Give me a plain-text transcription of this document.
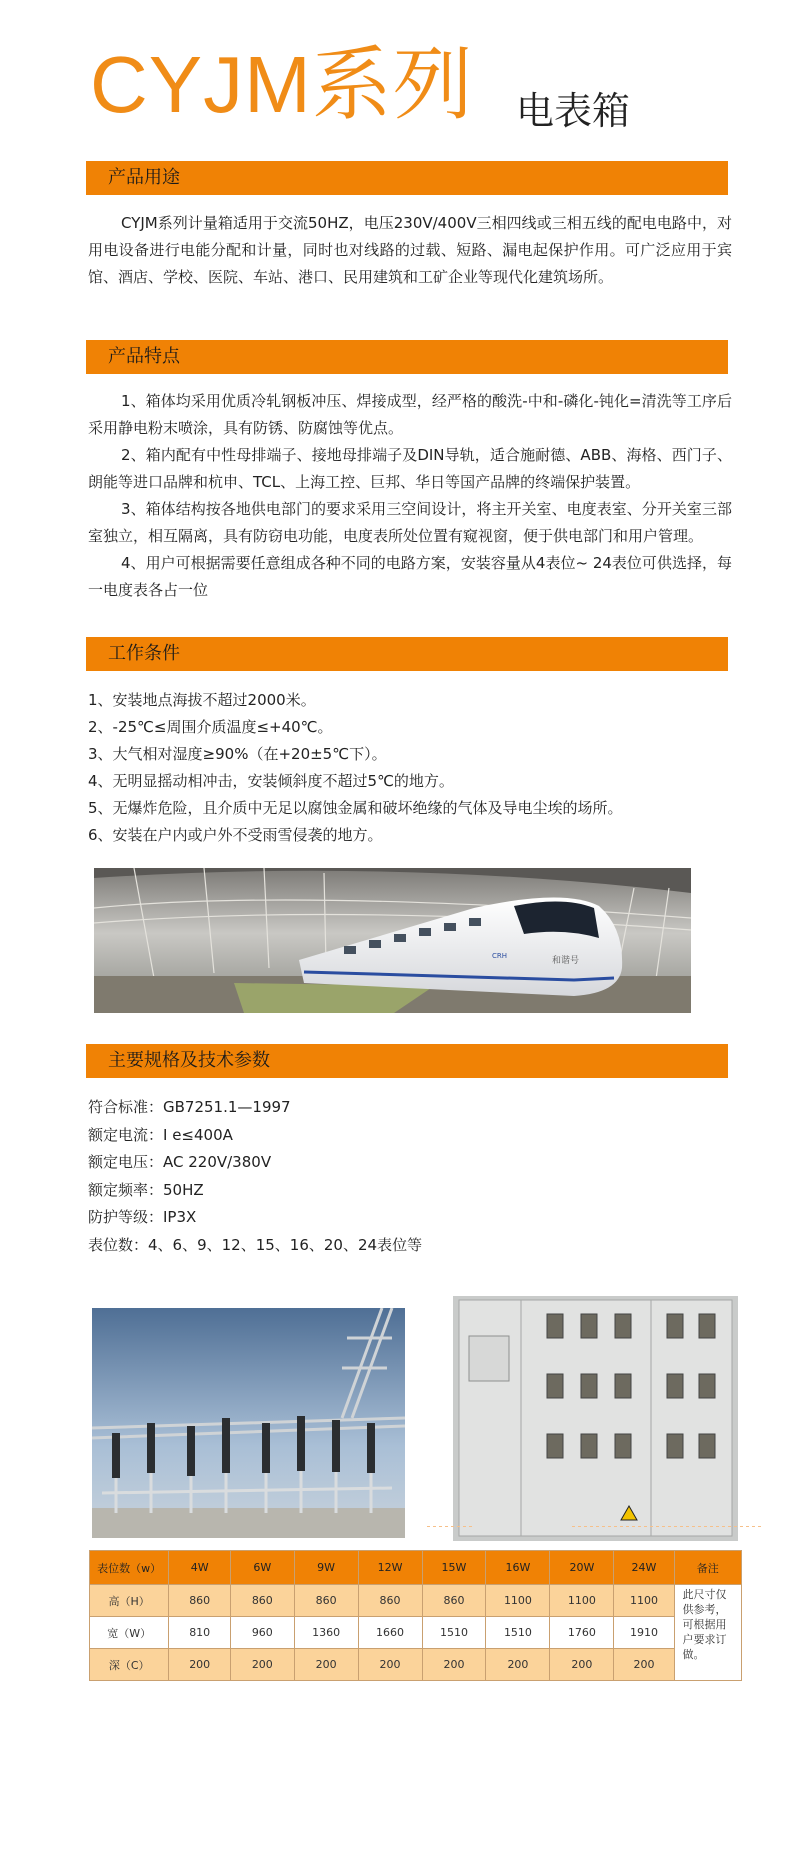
CYJM系列 电表箱
产品用途

CYJM系列计量箱适用于交流50HZ，电压230V/400V三相四线或三相五线的配电电路中，对用电设备进行电能分配和计量，同时也对线路的过载、短路、漏电起保护作用。可广泛应用于宾馆、酒店、学校、医院、车站、港口、民用建筑和工矿企业等现代化建筑场所。

产品特点

1、箱体均采用优质冷轧钢板冲压、焊接成型，经严格的酸洗-中和-磷化-钝化=清洗等工序后采用静电粉末喷涂，具有防锈、防腐蚀等优点。

2、箱内配有中性母排端子、接地母排端子及DIN导轨，适合施耐德、ABB、海格、西门子、朗能等进口品牌和杭申、TCL、上海工控、巨邦、华日等国产品牌的终端保护装置。

3、箱体结构按各地供电部门的要求采用三空间设计，将主开关室、电度表室、分开关室三部室独立，相互隔离，具有防窃电功能，电度表所处位置有窥视窗，便于供电部门和用户管理。

4、用户可根据需要任意组成各种不同的电路方案，安装容量从4表位~ 24表位可供选择，每一电度表各占一位

工作条件
1、安装地点海拔不超过2000米。
2、-25℃≤周围介质温度≤+40℃。
3、大气相对湿度≥90%（在+20±5℃下）。
4、无明显摇动相冲击，安装倾斜度不超过5℃的地方。
5、无爆炸危险，且介质中无足以腐蚀金属和破坏绝缘的气体及导电尘埃的场所。
6、安装在户内或户外不受雨雪侵袭的地方。
和谐号
CRH
主要规格及技术参数
符合标准：GB7251.1—1997
额定电流：I e≤400A
额定电压：AC 220V/380V
额定频率：50HZ
防护等级：IP3X
表位数：4、6、9、12、15、16、20、24表位等
表位数（w）	4W	6W	9W	12W	15W	16W	20W	24W	备注
高（H）	860	860	860	860	860	1100	1100	1100	此尺寸仅供参考，可根据用户要求订做。
宽（W）	810	960	1360	1660	1510	1510	1760	1910	
深（C）	200	200	200	200	200	200	200	200	
